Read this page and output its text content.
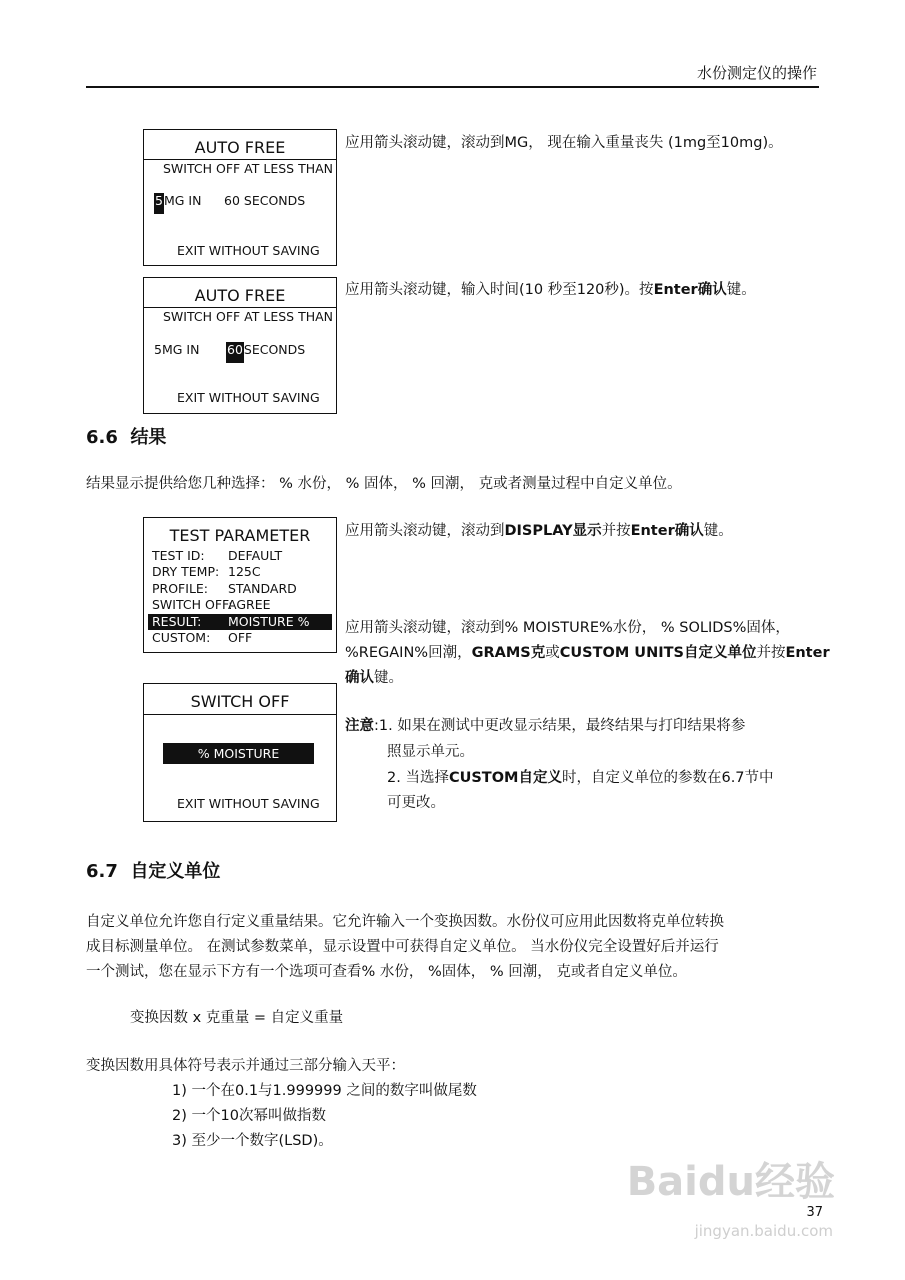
水份测定仪的操作
AUTO FREE
SWITCH OFF AT LESS THAN
5MG IN 60 SECONDS
EXIT WITHOUT SAVING
应用箭头滚动键，滚动到MG， 现在输入重量丧失 (1mg至10mg)。
AUTO FREE
SWITCH OFF AT LESS THAN
5MG IN 60SECONDS
EXIT WITHOUT SAVING
应用箭头滚动键，输入时间(10 秒至120秒)。按Enter确认键。
6.6 结果
结果显示提供给您几种选择： % 水份， % 固体， % 回潮， 克或者测量过程中自定义单位。
TEST PARAMETER
TEST ID: DEFAULT
DRY TEMP: 125C
PROFILE: STANDARD
SWITCH OFF:
AGREE
RESULT: MOISTURE %
CUSTOM: OFF
应用箭头滚动键，滚动到DISPLAY显示并按Enter确认键。
应用箭头滚动键，滚动到% MOISTURE%水份， % SOLIDS%固体，
%REGAIN%回潮，GRAMS克或CUSTOM UNITS自定义单位并按Enter
确认键。
SWITCH OFF
% MOISTURE
EXIT WITHOUT SAVING
注意:1. 如果在测试中更改显示结果，最终结果与打印结果将参
照显示单元。
2. 当选择CUSTOM自定义时，自定义单位的参数在6.7节中
可更改。
6.7 自定义单位
自定义单位允许您自行定义重量结果。它允许输入一个变换因数。水份仪可应用此因数将克单位转换
成目标测量单位。 在测试参数菜单，显示设置中可获得自定义单位。 当水份仪完全设置好后并运行
一个测试，您在显示下方有一个选项可查看% 水份， %固体， % 回潮， 克或者自定义单位。
变换因数 x 克重量 = 自定义重量
变换因数用具体符号表示并通过三部分输入天平：
1) 一个在0.1与1.999999 之间的数字叫做尾数
2) 一个10次幂叫做指数
3) 至少一个数字(LSD)。
Baidu经验
jingyan.baidu.com
37
